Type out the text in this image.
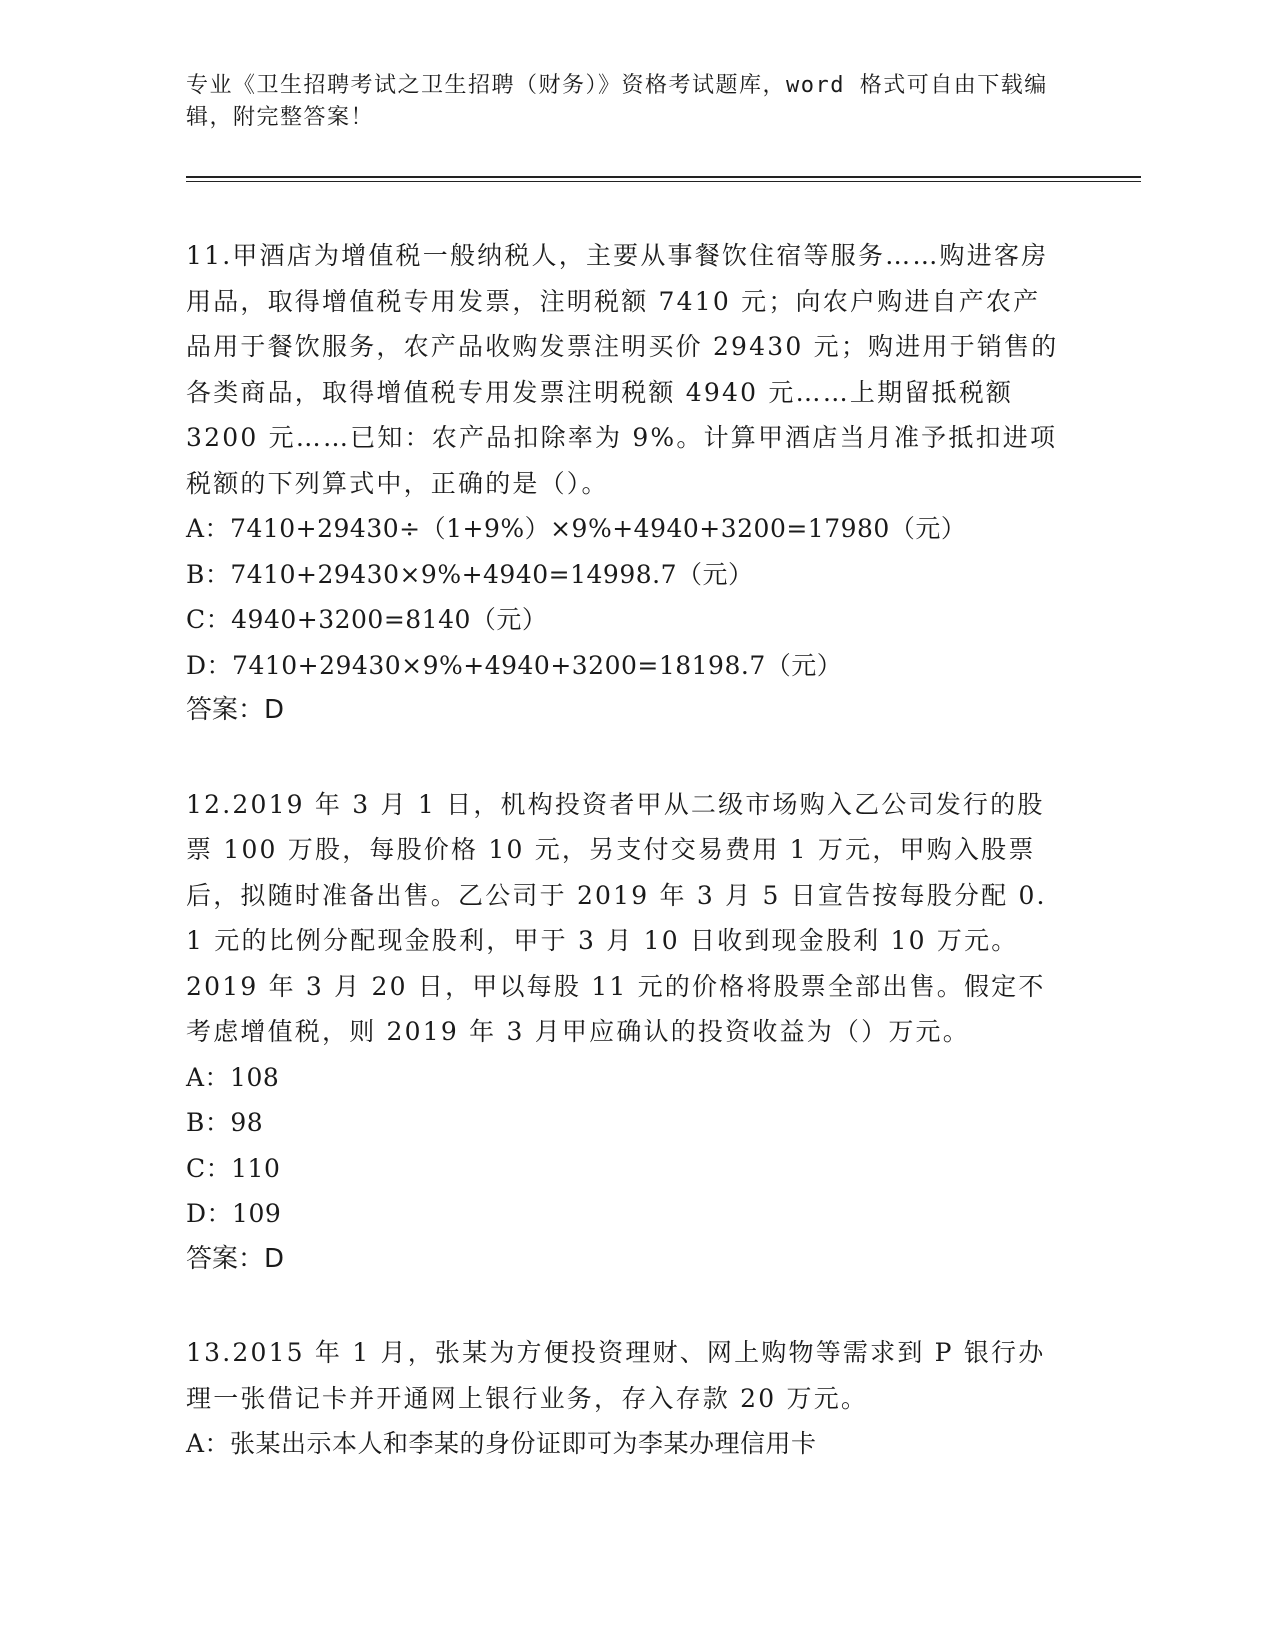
专业《卫生招聘考试之卫生招聘（财务）》资格考试题库，word 格式可自由下载编辑，附完整答案！

11.甲酒店为增值税一般纳税人，主要从事餐饮住宿等服务……购进客房用品，取得增值税专用发票，注明税额 7410 元；向农户购进自产农产品用于餐饮服务，农产品收购发票注明买价 29430 元；购进用于销售的各类商品，取得增值税专用发票注明税额 4940 元……上期留抵税额 3200 元……已知：农产品扣除率为 9%。计算甲酒店当月准予抵扣进项税额的下列算式中，正确的是（）。

A：7410+29430÷（1+9%）×9%+4940+3200=17980（元）

B：7410+29430×9%+4940=14998.7（元）

C：4940+3200=8140（元）

D：7410+29430×9%+4940+3200=18198.7（元）

答案：D

12.2019 年 3 月 1 日，机构投资者甲从二级市场购入乙公司发行的股票 100 万股，每股价格 10 元，另支付交易费用 1 万元，甲购入股票后，拟随时准备出售。乙公司于 2019 年 3 月 5 日宣告按每股分配 0．1 元的比例分配现金股利，甲于 3 月 10 日收到现金股利 10 万元。2019 年 3 月 20 日，甲以每股 11 元的价格将股票全部出售。假定不考虑增值税，则 2019 年 3 月甲应确认的投资收益为（）万元。

A：108

B：98

C：110

D：109

答案：D

13.2015 年 1 月，张某为方便投资理财、网上购物等需求到 P 银行办理一张借记卡并开通网上银行业务，存入存款 20 万元。

A：张某出示本人和李某的身份证即可为李某办理信用卡
